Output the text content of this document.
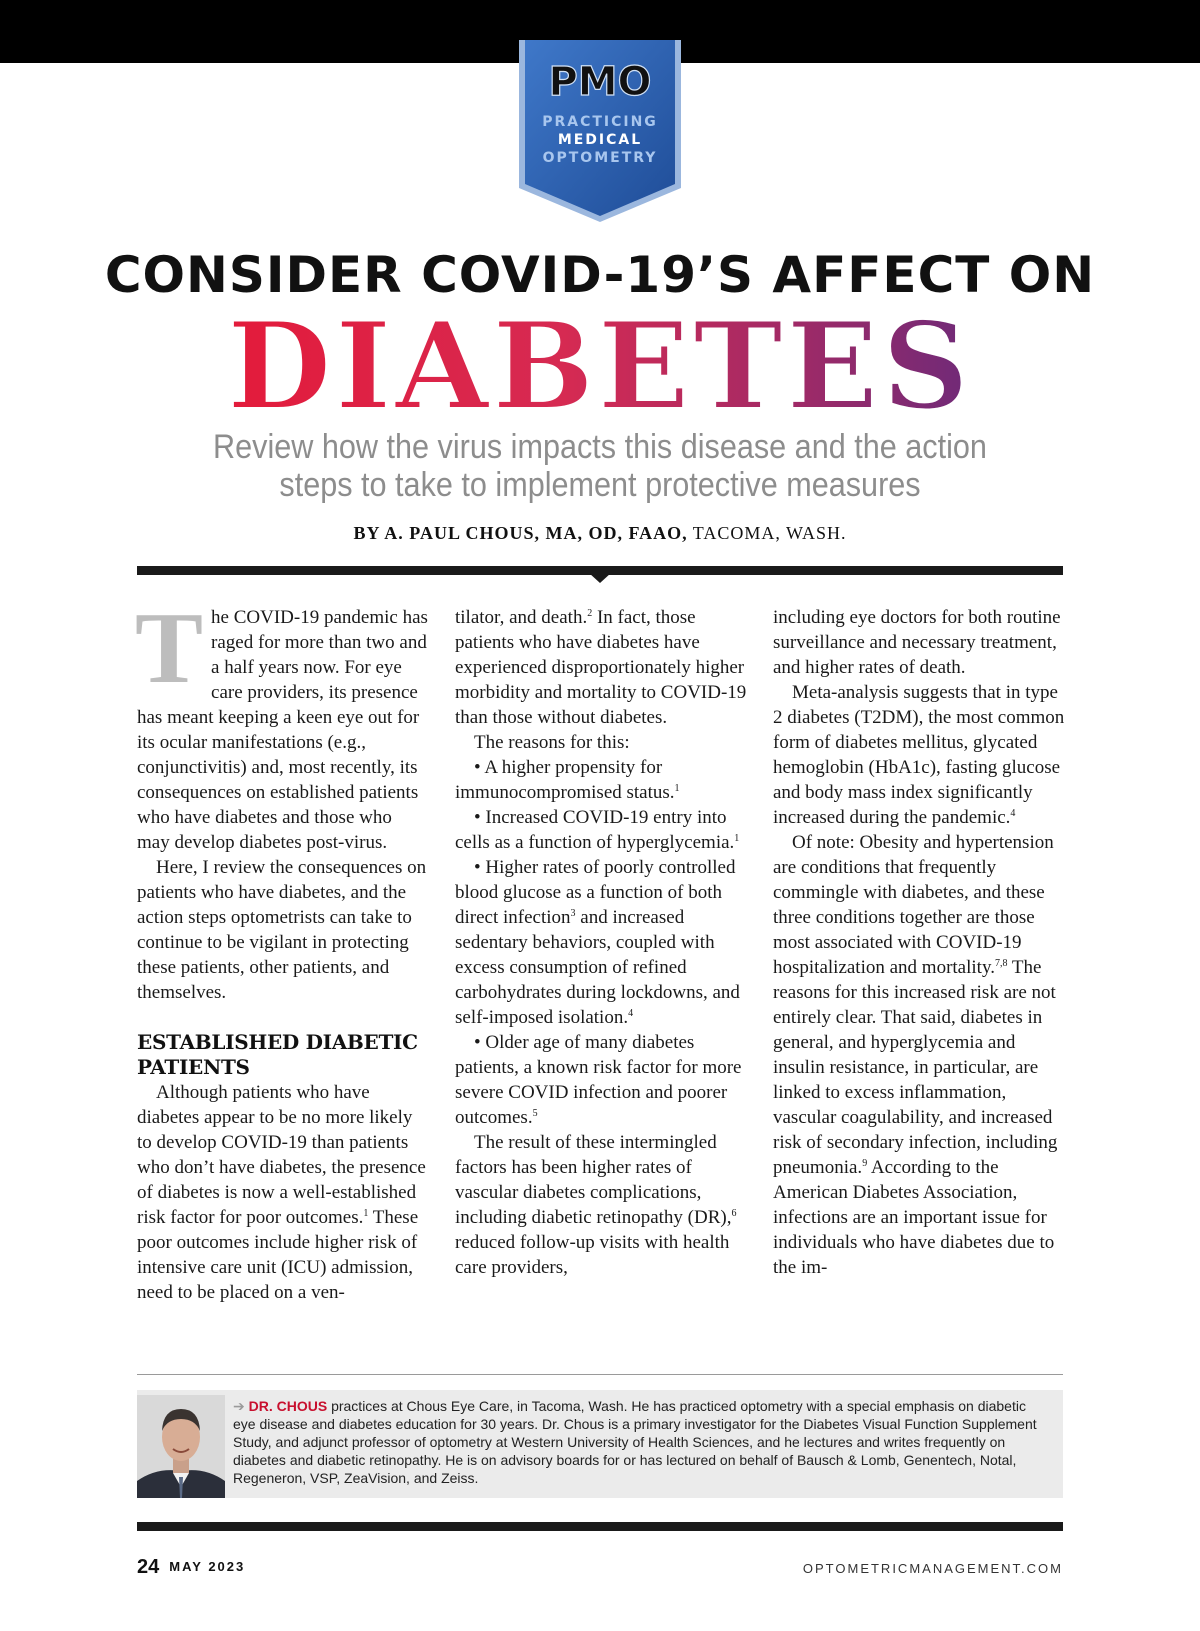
PMO
PRACTICING
MEDICAL
OPTOMETRY
CONSIDER COVID-19’S AFFECT ON
DIABETES

Review how the virus impacts this disease and the action steps to take to implement protective measures

BY A. PAUL CHOUS, MA, OD, FAAO, TACOMA, WASH.

The COVID-19 pandemic has raged for more than two and a half years now. For eye care providers, its presence has meant keeping a keen eye out for its ocular manifestations (e.g., conjunctivitis) and, most recently, its consequences on established patients who have diabetes and those who may develop diabetes post-virus.

Here, I review the consequences on patients who have diabetes, and the action steps optometrists can take to continue to be vigilant in protecting these patients, other patients, and themselves.

ESTABLISHED DIABETIC PATIENTS

Although patients who have diabetes appear to be no more likely to develop COVID-19 than patients who don’t have diabetes, the presence of diabetes is now a well-established risk factor for poor outcomes.$^1$ These poor outcomes include higher risk of intensive care unit (ICU) admission, need to be placed on a ven-

tilator, and death.$^2$ In fact, those patients who have diabetes have experienced disproportionately higher morbidity and mortality to COVID-19 than those without diabetes.

The reasons for this:

• A higher propensity for immunocompromised status.$^1$

• Increased COVID-19 entry into cells as a function of hyperglycemia.$^1$

• Higher rates of poorly controlled blood glucose as a function of both direct infection$^3$ and increased sedentary behaviors, coupled with excess consumption of refined carbohydrates during lockdowns, and self-imposed isolation.$^4$

• Older age of many diabetes patients, a known risk factor for more severe COVID infection and poorer outcomes.$^5$

The result of these intermingled factors has been higher rates of vascular diabetes complications, including diabetic retinopathy (DR),$^6$ reduced follow-up visits with health care providers,

including eye doctors for both routine surveillance and necessary treatment, and higher rates of death.

Meta-analysis suggests that in type 2 diabetes (T2DM), the most common form of diabetes mellitus, glycated hemoglobin (HbA1c), fasting glucose and body mass index significantly increased during the pandemic.$^4$

Of note: Obesity and hypertension are conditions that frequently commingle with diabetes, and these three conditions together are those most associated with COVID-19 hospitalization and mortality.$^{7,8}$ The reasons for this increased risk are not entirely clear. That said, diabetes in general, and hyperglycemia and insulin resistance, in particular, are linked to excess inflammation, vascular coagulability, and increased risk of secondary infection, including pneumonia.$^9$ According to the American Diabetes Association, infections are an important issue for individuals who have diabetes due to the im-

➔ DR. CHOUS practices at Chous Eye Care, in Tacoma, Wash. He has practiced optometry with a special emphasis on diabetic eye disease and diabetes education for 30 years. Dr. Chous is a primary investigator for the Diabetes Visual Function Supplement Study, and adjunct professor of optometry at Western University of Health Sciences, and he lectures and writes frequently on diabetes and diabetic retinopathy. He is on advisory boards for or has lectured on behalf of Bausch & Lomb, Genentech, Notal, Regeneron, VSP, ZeaVision, and Zeiss.
24 MAY 2023	OPTOMETRICMANAGEMENT.COM
